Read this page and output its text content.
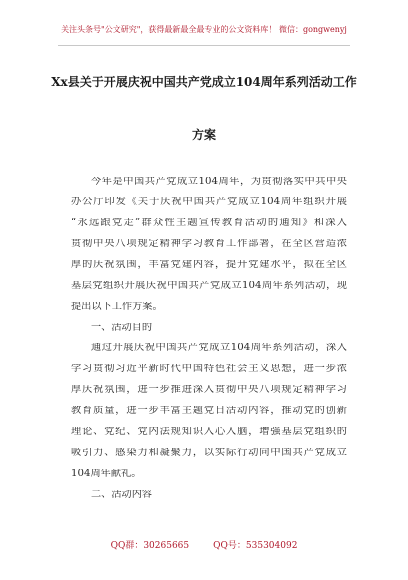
关注头条号"公文研究"，获得最新最全最专业的公文资料库！ 微信：gongwenyj
Xx县关于开展庆祝中国共产党成立104周年系列活动工作
方案
今年是中国共产党成立104周年，为贯彻落实中共中央
办公厅印发《关于庆祝中国共产党成立104周年组织开展
“永远跟党走”群众性主题宣传教育活动的通知》和深入
贯彻中央八项规定精神学习教育工作部署，在全区营造浓
厚的庆祝氛围，丰富党建内容，提升党建水平，拟在全区
基层党组织开展庆祝中国共产党成立104周年系列活动，现
提出以下工作方案。
一、活动目的
通过开展庆祝中国共产党成立104周年系列活动，深入
学习贯彻习近平新时代中国特色社会主义思想，进一步浓
厚庆祝氛围，进一步推进深入贯彻中央八项规定精神学习
教育质量，进一步丰富主题党日活动内容，推动党的创新
理论、党纪、党内法规知识入心入脑，增强基层党组织的
吸引力、感染力和凝聚力，以实际行动向中国共产党成立
104周年献礼。
二、活动内容
QQ群：30265665	QQ号：535304092
